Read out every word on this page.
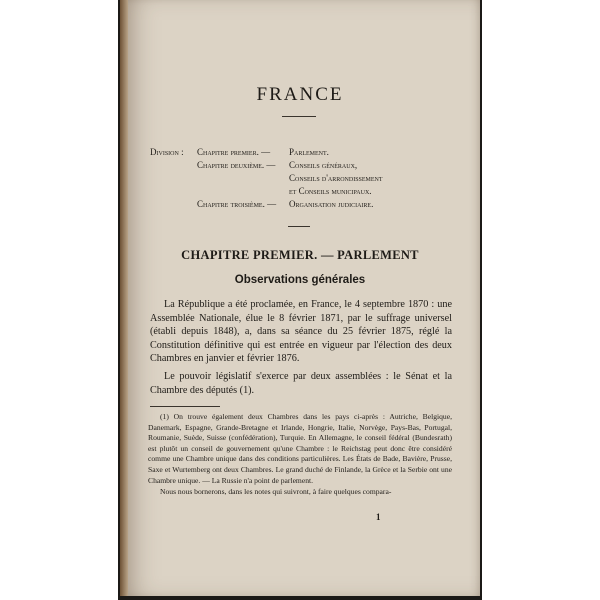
FRANCE
Division :	Chapitre premier. —	Parlement.
Chapitre deuxième. —	Conseils généraux,
Conseils d'arrondissement
et Conseils municipaux.
Chapitre troisième. —	Organisation judiciaire.
CHAPITRE PREMIER. — PARLEMENT
Observations générales

La République a été proclamée, en France, le 4 septembre 1870 : une Assemblée Nationale, élue le 8 février 1871, par le suffrage universel (établi depuis 1848), a, dans sa séance du 25 février 1875, réglé la Constitution définitive qui est entrée en vigueur par l'élection des deux Chambres en janvier et février 1876.

Le pouvoir législatif s'exerce par deux assemblées : le Sénat et la Chambre des députés (1).

(1) On trouve également deux Chambres dans les pays ci-après : Autriche, Belgique, Danemark, Espagne, Grande-Bretagne et Irlande, Hongrie, Italie, Norvège, Pays-Bas, Portugal, Roumanie, Suède, Suisse (confédération), Turquie. En Allemagne, le conseil fédéral (Bundesrath) est plutôt un conseil de gouvernement qu'une Chambre : le Reichstag peut donc être considéré comme une Chambre unique dans des conditions particulières. Les États de Bade, Bavière, Prusse, Saxe et Wurtemberg ont deux Chambres. Le grand duché de Finlande, la Grèce et la Serbie ont une Chambre unique. — La Russie n'a point de parlement.

Nous nous bornerons, dans les notes qui suivront, à faire quelques compara-

1
